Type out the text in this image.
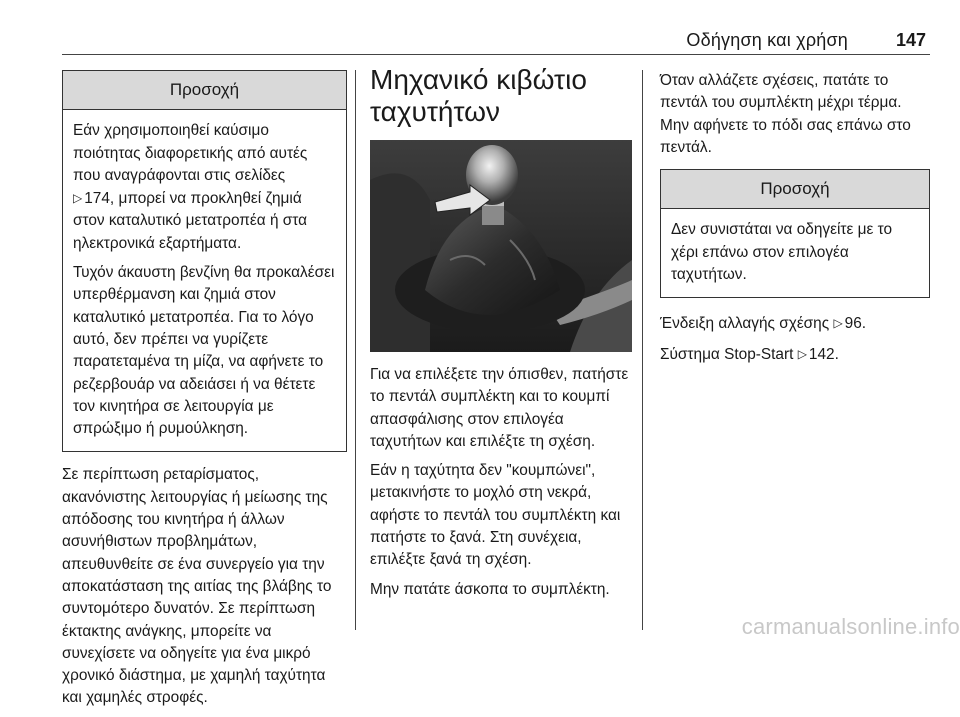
Οδήγηση και χρήση	147
Προσοχή

Εάν χρησιμοποιηθεί καύσιμο ποιότητας διαφορετικής από αυτές που αναγράφονται στις σελίδες
▷ 174, μπορεί να προκληθεί ζημιά στον καταλυτικό μετατροπέα ή στα ηλεκτρονικά εξαρτήματα.

Τυχόν άκαυστη βενζίνη θα προκαλέσει υπερθέρμανση και ζημιά στον καταλυτικό μετατροπέα. Για το λόγο αυτό, δεν πρέπει να γυρίζετε παρατεταμένα τη μίζα, να αφήνετε το ρεζερβουάρ να αδειάσει ή να θέτετε τον κινητήρα σε λειτουργία με σπρώξιμο ή ρυμούλκηση.

Σε περίπτωση ρεταρίσματος, ακανόνιστης λειτουργίας ή μείωσης της απόδοσης του κινητήρα ή άλλων ασυνήθιστων προβλημάτων, απευθυνθείτε σε ένα συνεργείο για την αποκατάσταση της αιτίας της βλάβης το συντομότερο δυνατόν. Σε περίπτωση έκτακτης ανάγκης, μπορείτε να συνεχίσετε να οδηγείτε για ένα μικρό χρονικό διάστημα, με χαμηλή ταχύτητα και χαμηλές στροφές.

Μηχανικό κιβώτιο
ταχυτήτων

Για να επιλέξετε την όπισθεν, πατήστε το πεντάλ συμπλέκτη και το κουμπί απασφάλισης στον επιλογέα ταχυτήτων και επιλέξτε τη σχέση.

Εάν η ταχύτητα δεν "κουμπώνει", μετακινήστε το μοχλό στη νεκρά, αφήστε το πεντάλ του συμπλέκτη και πατήστε το ξανά. Στη συνέχεια, επιλέξτε ξανά τη σχέση.

Μην πατάτε άσκοπα το συμπλέκτη.

Όταν αλλάζετε σχέσεις, πατάτε το πεντάλ του συμπλέκτη μέχρι τέρμα. Μην αφήνετε το πόδι σας επάνω στο πεντάλ.

Προσοχή

Δεν συνιστάται να οδηγείτε με το χέρι επάνω στον επιλογέα ταχυτήτων.

Ένδειξη αλλαγής σχέσης ▷ 96.

Σύστημα Stop-Start ▷ 142.

carmanualsonline.info
